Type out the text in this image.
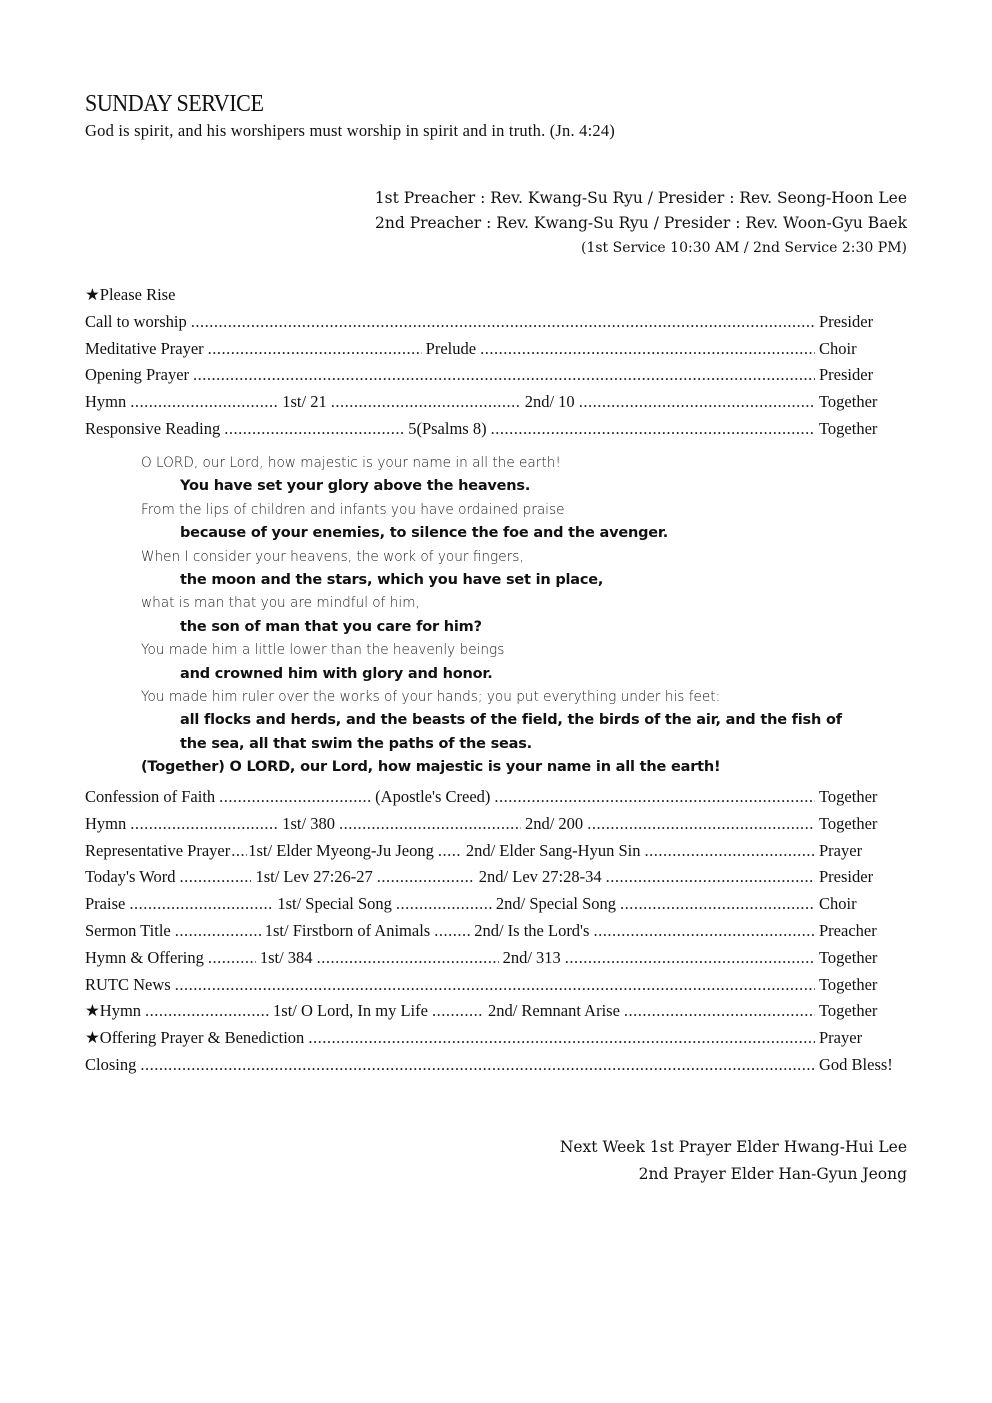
SUNDAY SERVICE
God is spirit, and his worshipers must worship in spirit and in truth. (Jn. 4:24)
1st Preacher : Rev. Kwang-Su Ryu / Presider : Rev. Seong-Hoon Lee
2nd Preacher : Rev. Kwang-Su Ryu / Presider : Rev. Woon-Gyu Baek
(1st Service 10:30 AM / 2nd Service 2:30 PM)
★Please Rise
Call to worship .....	Presider
Meditative Prayer .....	Prelude .....	Choir
Opening Prayer .....	Presider
Hymn .....	1st/ 21 .....	2nd/ 10 .....	Together
Responsive Reading .....	5(Psalms 8) .....	Together
O LORD, our Lord, how majestic is your name in all the earth!
You have set your glory above the heavens.
From the lips of children and infants you have ordained praise
because of your enemies, to silence the foe and the avenger.
When I consider your heavens, the work of your fingers,
the moon and the stars, which you have set in place,
what is man that you are mindful of him,
the son of man that you care for him?
You made him a little lower than the heavenly beings
and crowned him with glory and honor.
You made him ruler over the works of your hands; you put everything under his feet:
all flocks and herds, and the beasts of the field, the birds of the air, and the fish of
the sea, all that swim the paths of the seas.
(Together) O LORD, our Lord, how majestic is your name in all the earth!
Confession of Faith .....	(Apostle's Creed) .....	Together
Hymn .....	1st/ 380 .....	2nd/ 200 .....	Together
Representative Prayer ..... 1st/ Elder Myeong-Ju Jeong ..... 2nd/ Elder Sang-Hyun Sin .....	Prayer
Today's Word .....	1st/ Lev 27:26-27 .....	2nd/ Lev 27:28-34 .....	Presider
Praise .....	1st/ Special Song .....	2nd/ Special Song .....	Choir
Sermon Title .....	1st/ Firstborn of Animals .....	2nd/ Is the Lord's .....	Preacher
Hymn & Offering .....	1st/ 384 .....	2nd/ 313 .....	Together
RUTC News .....	Together
★Hymn .....	1st/ O Lord, In my Life .....	2nd/ Remnant Arise .....	Together
★Offering Prayer & Benediction .....	Prayer
Closing .....	God Bless!
Next Week 1st Prayer Elder Hwang-Hui Lee
2nd Prayer Elder Han-Gyun Jeong
